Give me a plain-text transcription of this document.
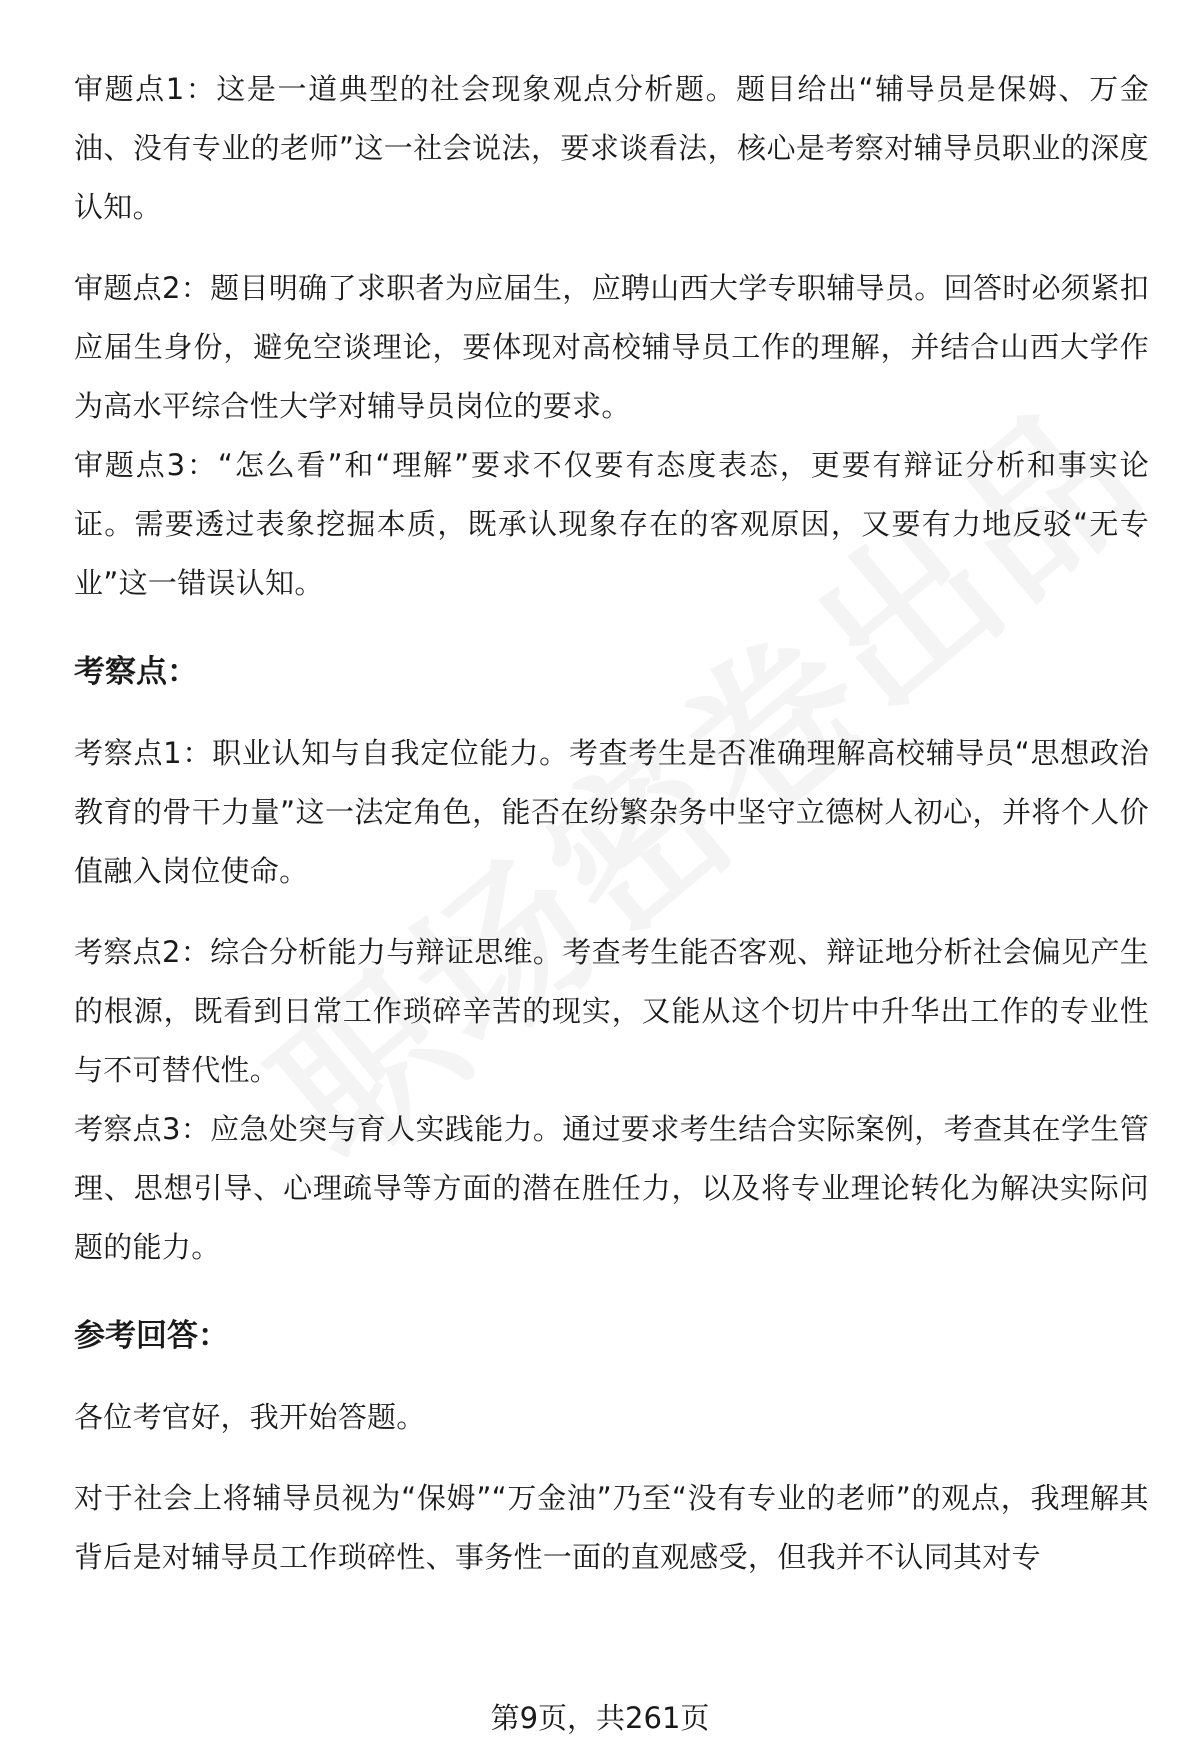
审题点1：这是一道典型的社会现象观点分析题。题目给出“辅导员是保姆、万金油、没有专业的老师”这一社会说法，要求谈看法，核心是考察对辅导员职业的深度认知。

审题点2：题目明确了求职者为应届生，应聘山西大学专职辅导员。回答时必须紧扣应届生身份，避免空谈理论，要体现对高校辅导员工作的理解，并结合山西大学作为高水平综合性大学对辅导员岗位的要求。

审题点3：“怎么看”和“理解”要求不仅要有态度表态，更要有辩证分析和事实论证。需要透过表象挖掘本质，既承认现象存在的客观原因，又要有力地反驳“无专业”这一错误认知。

考察点：

考察点1：职业认知与自我定位能力。考查考生是否准确理解高校辅导员“思想政治教育的骨干力量”这一法定角色，能否在纷繁杂务中坚守立德树人初心，并将个人价值融入岗位使命。

考察点2：综合分析能力与辩证思维。考查考生能否客观、辩证地分析社会偏见产生的根源，既看到日常工作琐碎辛苦的现实，又能从这个切片中升华出工作的专业性与不可替代性。

考察点3：应急处突与育人实践能力。通过要求考生结合实际案例，考查其在学生管理、思想引导、心理疏导等方面的潜在胜任力，以及将专业理论转化为解决实际问题的能力。

参考回答：

各位考官好，我开始答题。

对于社会上将辅导员视为“保姆”“万金油”乃至“没有专业的老师”的观点，我理解其背后是对辅导员工作琐碎性、事务性一面的直观感受，但我并不认同其对专

第9页，共261页
